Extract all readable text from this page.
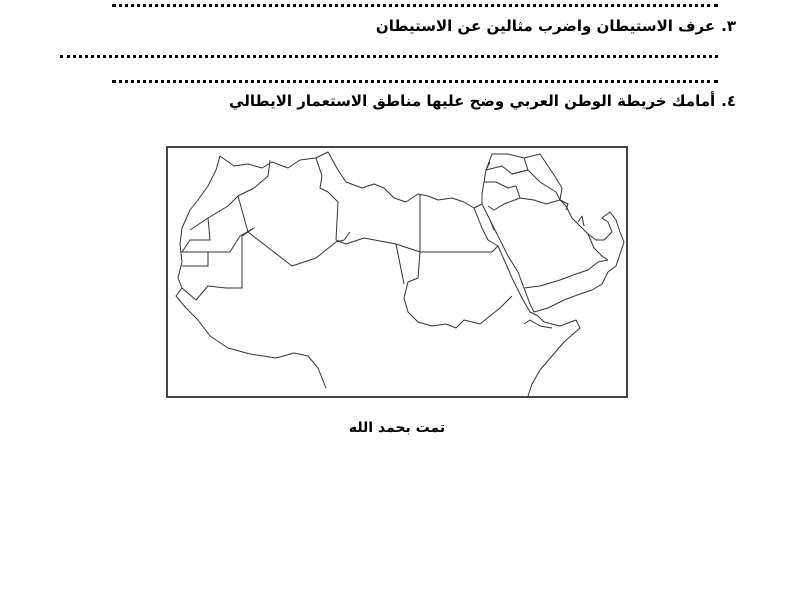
٣.عرف الاستيطان واضرب مثالين عن الاستيطان
٤.أمامك خريطة الوطن العربي وضح عليها مناطق الاستعمار الايطالي
تمت بحمد الله
